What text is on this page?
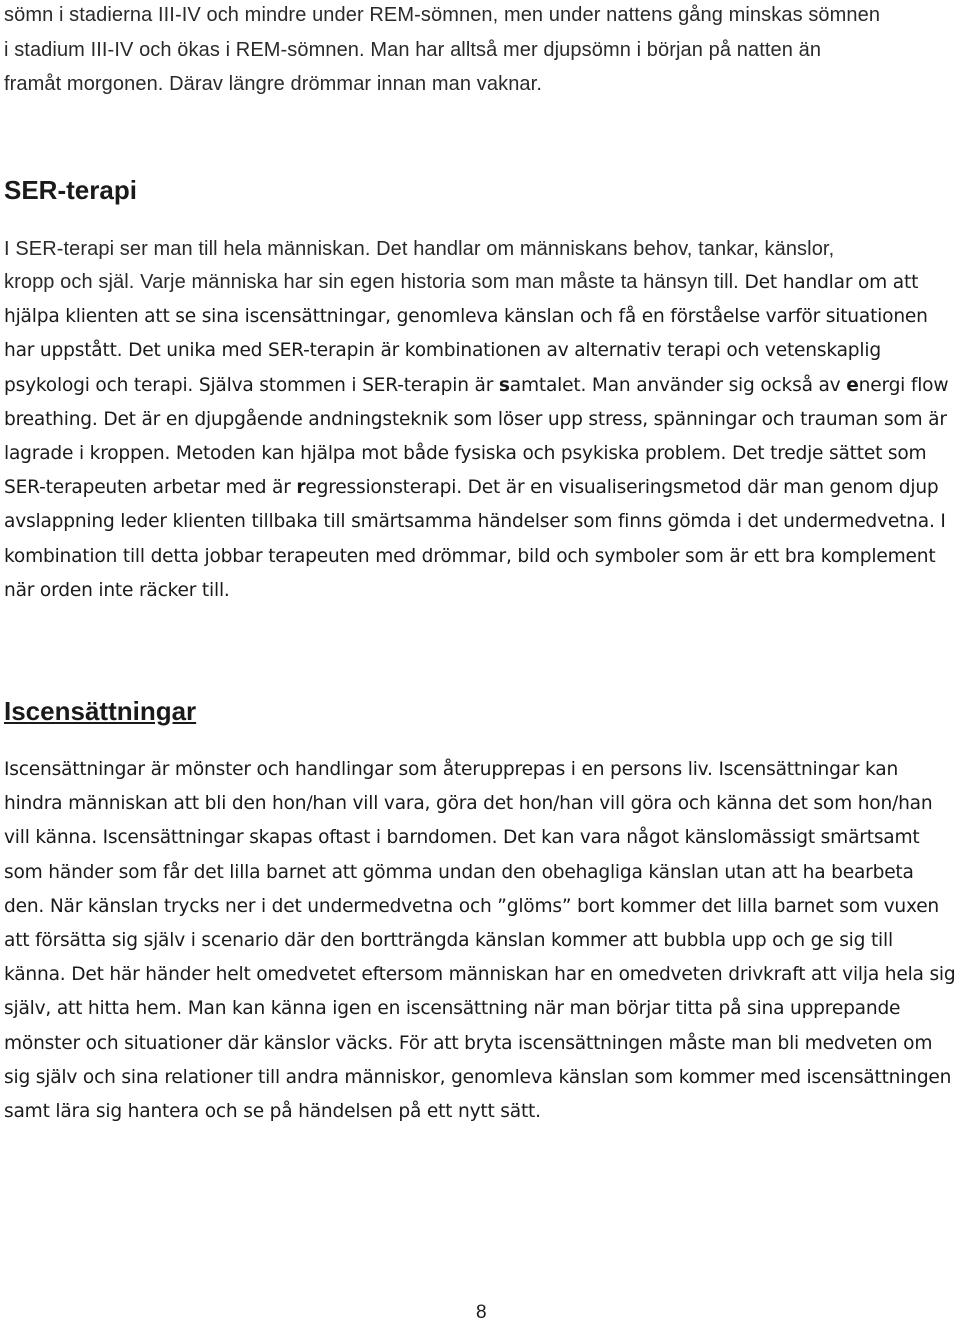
sömn i stadierna III-IV och mindre under REM-sömnen, men under nattens gång minskas sömnen

i stadium III-IV och ökas i REM-sömnen. Man har alltså mer djupsömn i början på natten än

framåt morgonen. Därav längre drömmar innan man vaknar.

SER-terapi

I SER-terapi ser man till hela människan. Det handlar om människans behov, tankar, känslor,

kropp och själ. Varje människa har sin egen historia som man måste ta hänsyn till.

Det handlar om att hjälpa klienten att se sina iscensättningar, genomleva känslan och få en förståelse varför situationen har uppstått. Det unika med SER-terapin är kombinationen av alternativ terapi och vetenskaplig psykologi och terapi. Själva stommen i SER-terapin är samtalet. Man använder sig också av energi flow breathing. Det är en djupgående andningsteknik som löser upp stress, spänningar och trauman som är lagrade i kroppen. Metoden kan hjälpa mot både fysiska och psykiska problem. Det tredje sättet som SER-terapeuten arbetar med är regressionsterapi. Det är en visualiseringsmetod där man genom djup avslappning leder klienten tillbaka till smärtsamma händelser som finns gömda i det undermedvetna. I kombination till detta jobbar terapeuten med drömmar, bild och symboler som är ett bra komplement när orden inte räcker till.
Iscensättningar

Iscensättningar är mönster och handlingar som återupprepas i en persons liv. Iscensättningar kan hindra människan att bli den hon/han vill vara, göra det hon/han vill göra och känna det som hon/han vill känna. Iscensättningar skapas oftast i barndomen. Det kan vara något känslomässigt smärtsamt som händer som får det lilla barnet att gömma undan den obehagliga känslan utan att ha bearbeta den. När känslan trycks ner i det undermedvetna och ”glöms” bort kommer det lilla barnet som vuxen att försätta sig själv i scenario där den bortträngda känslan kommer att bubbla upp och ge sig till känna. Det här händer helt omedvetet eftersom människan har en omedveten drivkraft att vilja hela sig själv, att hitta hem. Man kan känna igen en iscensättning när man börjar titta på sina upprepande mönster och situationer där känslor väcks. För att bryta iscensättningen måste man bli medveten om sig själv och sina relationer till andra människor, genomleva känslan som kommer med iscensättningen samt lära sig hantera och se på händelsen på ett nytt sätt.

8
